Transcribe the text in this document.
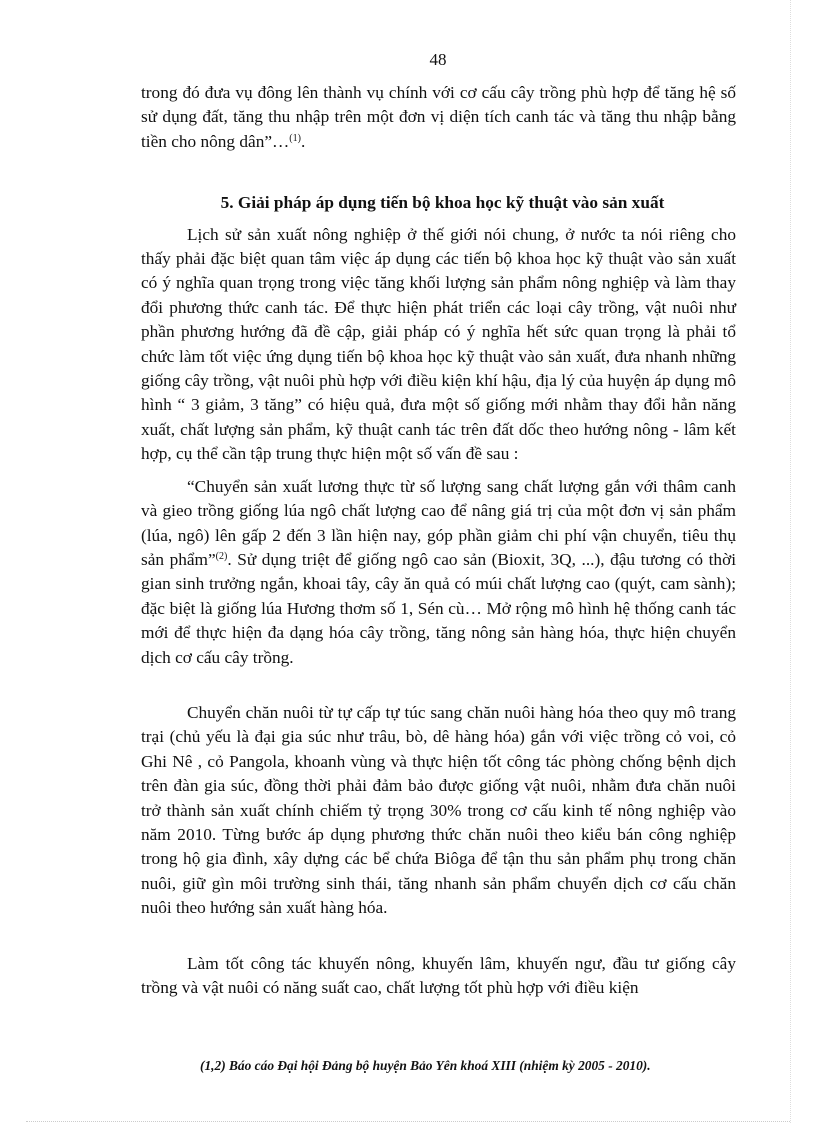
48

trong đó đưa vụ đông lên thành vụ chính với cơ cấu cây trồng phù hợp để tăng hệ số sử dụng đất, tăng thu nhập trên một đơn vị diện tích canh tác và tăng thu nhập bằng tiền cho nông dân”…$^{(1)}$.

5. Giải pháp áp dụng tiến bộ khoa học kỹ thuật vào sản xuất

Lịch sử sản xuất nông nghiệp ở thế giới nói chung, ở nước ta nói riêng cho thấy phải đặc biệt quan tâm việc áp dụng các tiến bộ khoa học kỹ thuật vào sản xuất có ý nghĩa quan trọng trong việc tăng khối lượng sản phẩm nông nghiệp và làm thay đổi phương thức canh tác. Để thực hiện phát triển các loại cây trồng, vật nuôi như phần phương hướng đã đề cập, giải pháp có ý nghĩa hết sức quan trọng là phải tổ chức làm tốt việc ứng dụng tiến bộ khoa học kỹ thuật vào sản xuất, đưa nhanh những giống cây trồng, vật nuôi phù hợp với điều kiện khí hậu, địa lý của huyện áp dụng mô hình “ 3 giảm, 3 tăng” có hiệu quả, đưa một số giống mới nhằm thay đổi hẳn năng xuất, chất lượng sản phẩm, kỹ thuật canh tác trên đất dốc theo hướng nông - lâm kết hợp, cụ thể cần tập trung thực hiện một số vấn đề sau :

“Chuyển sản xuất lương thực từ số lượng sang chất lượng gắn với thâm canh và gieo trồng giống lúa ngô chất lượng cao để nâng giá trị của một đơn vị sản phẩm (lúa, ngô) lên gấp 2 đến 3 lần hiện nay, góp phần giảm chi phí vận chuyển, tiêu thụ sản phẩm”$^{(2)}$. Sử dụng triệt để giống ngô cao sản (Bioxit, 3Q, ...), đậu tương có thời gian sinh trưởng ngắn, khoai tây, cây ăn quả có múi chất lượng cao (quýt, cam sành); đặc biệt là giống lúa Hương thơm số 1, Sén cù… Mở rộng mô hình hệ thống canh tác mới để thực hiện đa dạng hóa cây trồng, tăng nông sản hàng hóa, thực hiện chuyển dịch cơ cấu cây trồng.

Chuyển chăn nuôi từ tự cấp tự túc sang chăn nuôi hàng hóa theo quy mô trang trại (chủ yếu là đại gia súc như trâu, bò, dê hàng hóa) gắn với việc trồng cỏ voi, cỏ Ghi Nê , cỏ Pangola, khoanh vùng và thực hiện tốt công tác phòng chống bệnh dịch trên đàn gia súc, đồng thời phải đảm bảo được giống vật nuôi, nhằm đưa chăn nuôi trở thành sản xuất chính chiếm tỷ trọng 30% trong cơ cấu kinh tế nông nghiệp vào năm 2010. Từng bước áp dụng phương thức chăn nuôi theo kiểu bán công nghiệp trong hộ gia đình, xây dựng các bể chứa Biôga để tận thu sản phẩm phụ trong chăn nuôi, giữ gìn môi trường sinh thái, tăng nhanh sản phẩm chuyển dịch cơ cấu chăn nuôi theo hướng sản xuất hàng hóa.

Làm tốt công tác khuyến nông, khuyến lâm, khuyến ngư, đầu tư giống cây trồng và vật nuôi có năng suất cao, chất lượng tốt phù hợp với điều kiện

(1,2) Báo cáo Đại hội Đảng bộ huyện Bảo Yên khoá XIII (nhiệm kỳ 2005 - 2010).
